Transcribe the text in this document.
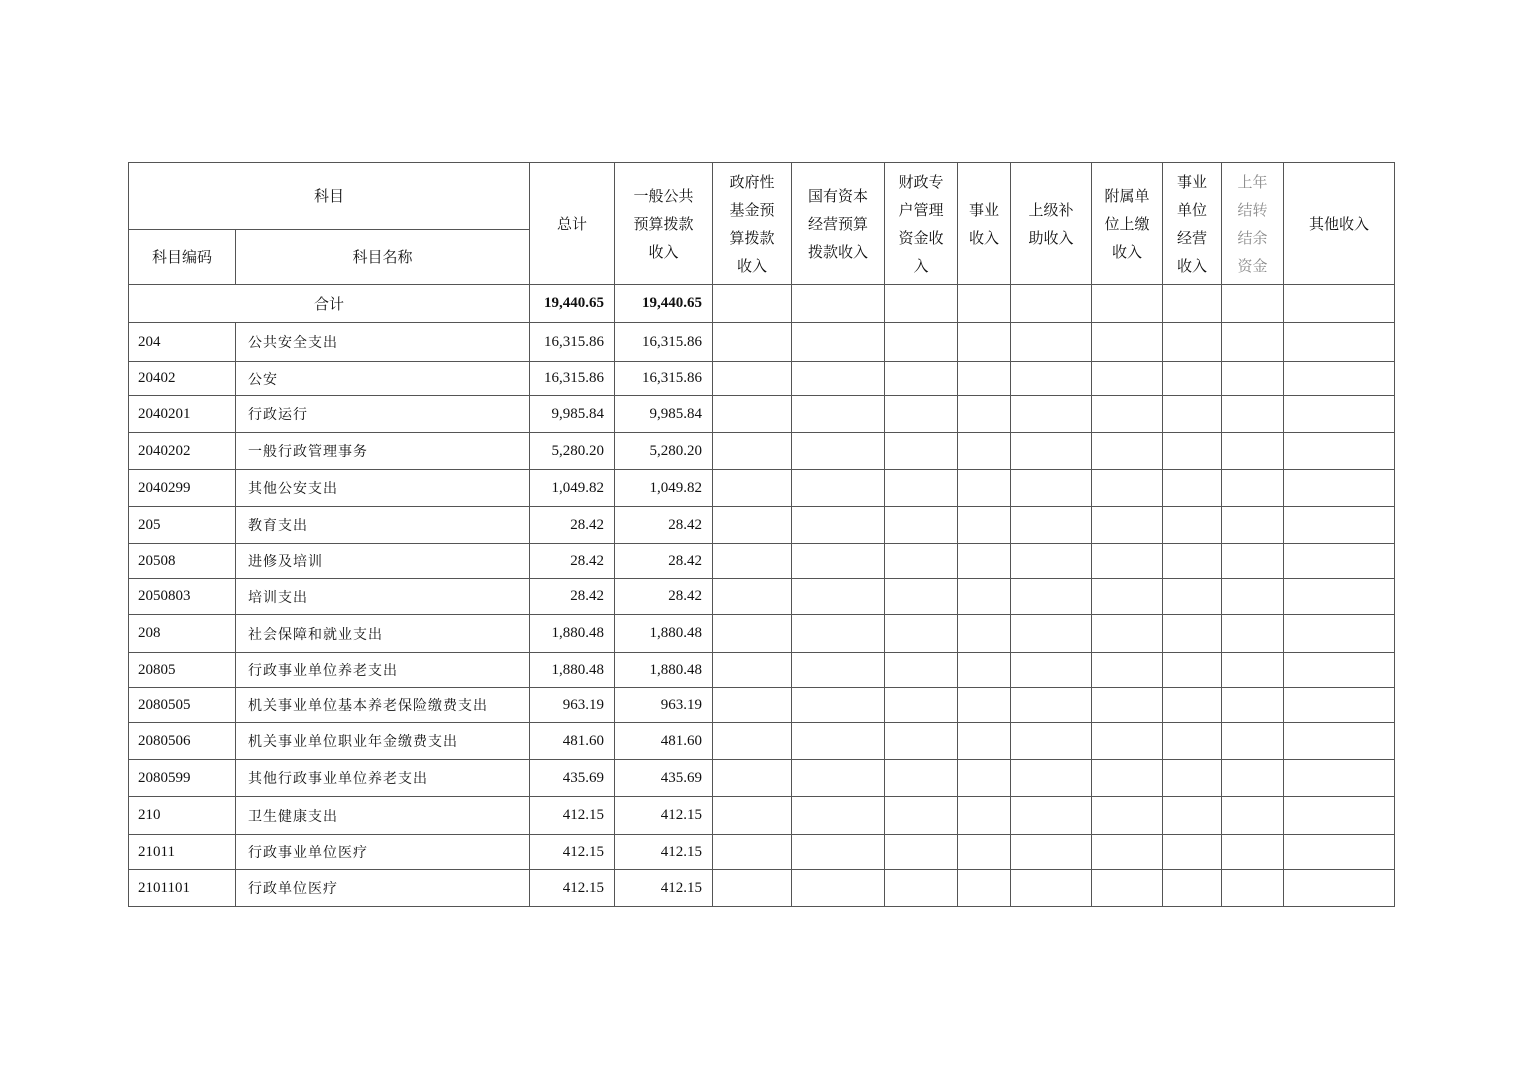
科目		总计	一般公共
预算拨款
收入	政府性
基金预
算拨款
收入	国有资本
经营预算
拨款收入	财政专
户管理
资金收
入	事业
收入	上级补
助收入	附属单
位上缴
收入	事业
单位
经营
收入	上年
结转
结余
资金	其他收入
科目编码	科目名称											
合计		19,440.65	19,440.65									
204	公共安全支出	16,315.86	16,315.86									
20402	公安	16,315.86	16,315.86									
2040201	行政运行	9,985.84	9,985.84									
2040202	一般行政管理事务	5,280.20	5,280.20									
2040299	其他公安支出	1,049.82	1,049.82									
205	教育支出	28.42	28.42									
20508	进修及培训	28.42	28.42									
2050803	培训支出	28.42	28.42									
208	社会保障和就业支出	1,880.48	1,880.48									
20805	行政事业单位养老支出	1,880.48	1,880.48									
2080505	机关事业单位基本养老保险缴费支出	963.19	963.19									
2080506	机关事业单位职业年金缴费支出	481.60	481.60									
2080599	其他行政事业单位养老支出	435.69	435.69									
210	卫生健康支出	412.15	412.15									
21011	行政事业单位医疗	412.15	412.15									
2101101	行政单位医疗	412.15	412.15									
